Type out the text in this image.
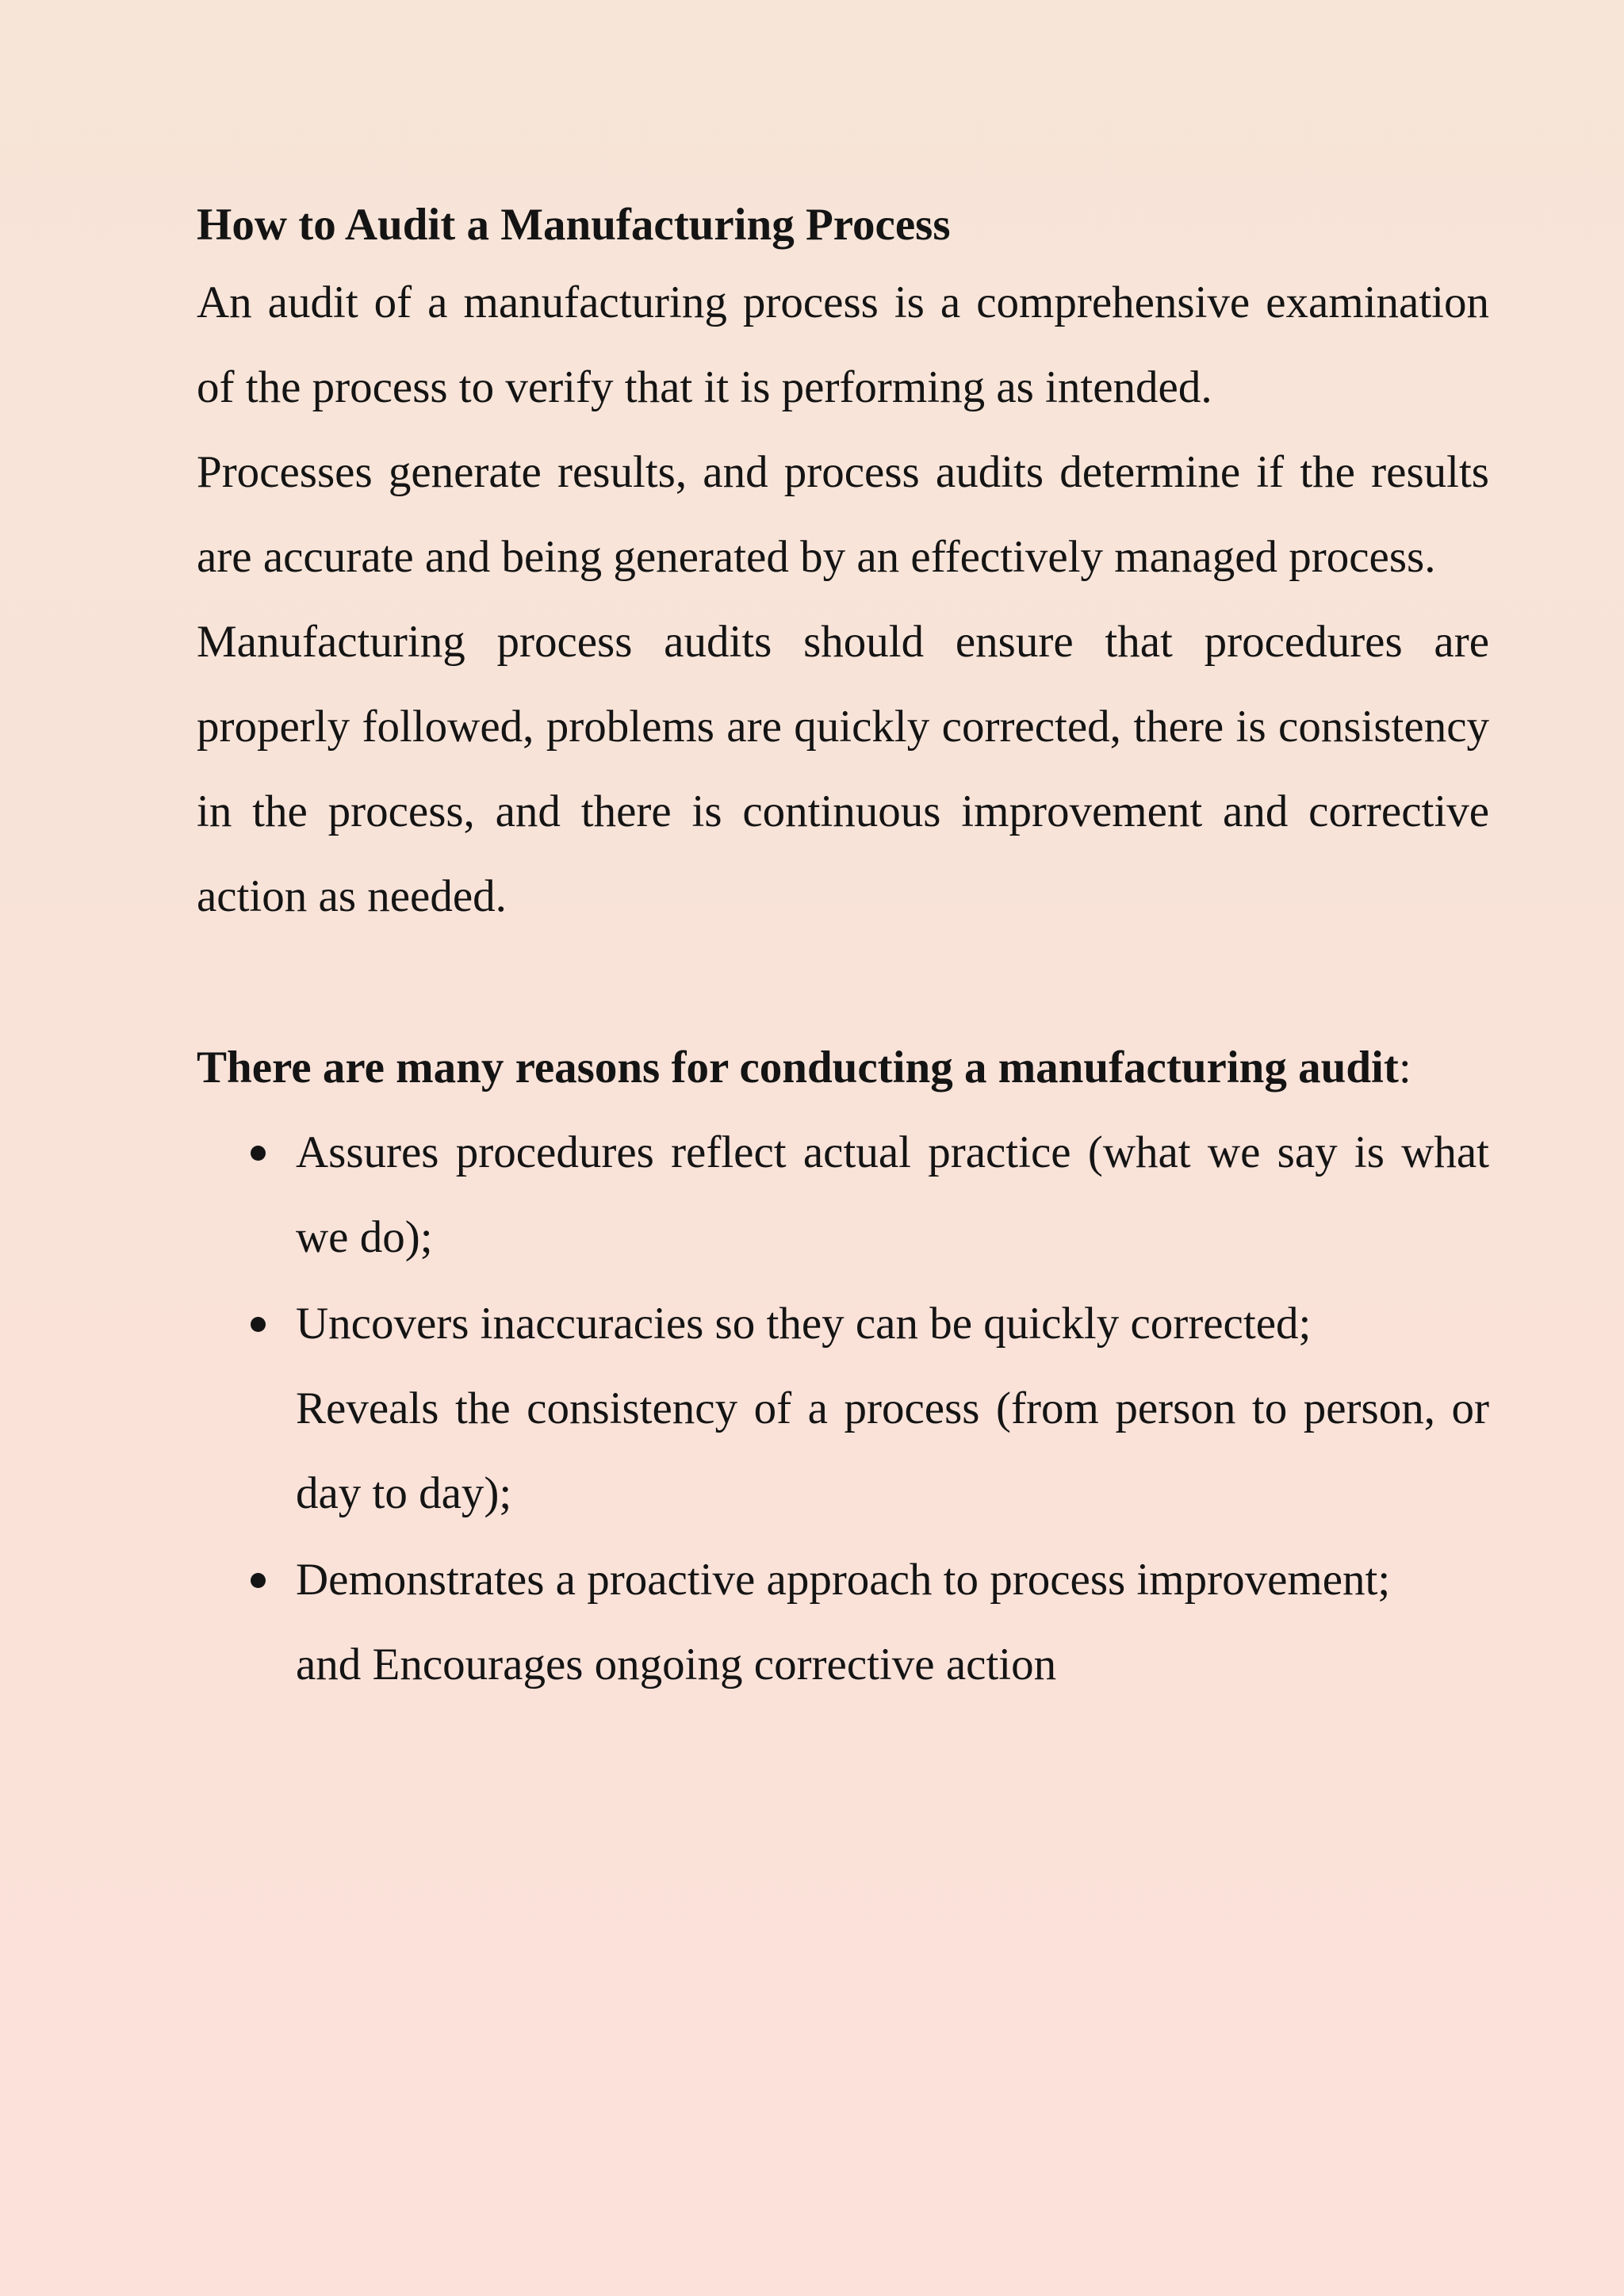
How to Audit a Manufacturing Process

An audit of a manufacturing process is a comprehensive examination of the process to verify that it is performing as intended.

Processes generate results, and process audits determine if the results are accurate and being generated by an effectively managed process.

Manufacturing process audits should ensure that procedures are properly followed, problems are quickly corrected, there is consistency in the process, and there is continuous improvement and corrective action as needed.

There are many reasons for conducting a manufacturing audit:

Assures procedures reflect actual practice (what we say is what we do);
Uncovers inaccuracies so they can be quickly corrected;
Reveals the consistency of a process (from person to person, or day to day);
Demonstrates a proactive approach to process improvement;
and Encourages ongoing corrective action
